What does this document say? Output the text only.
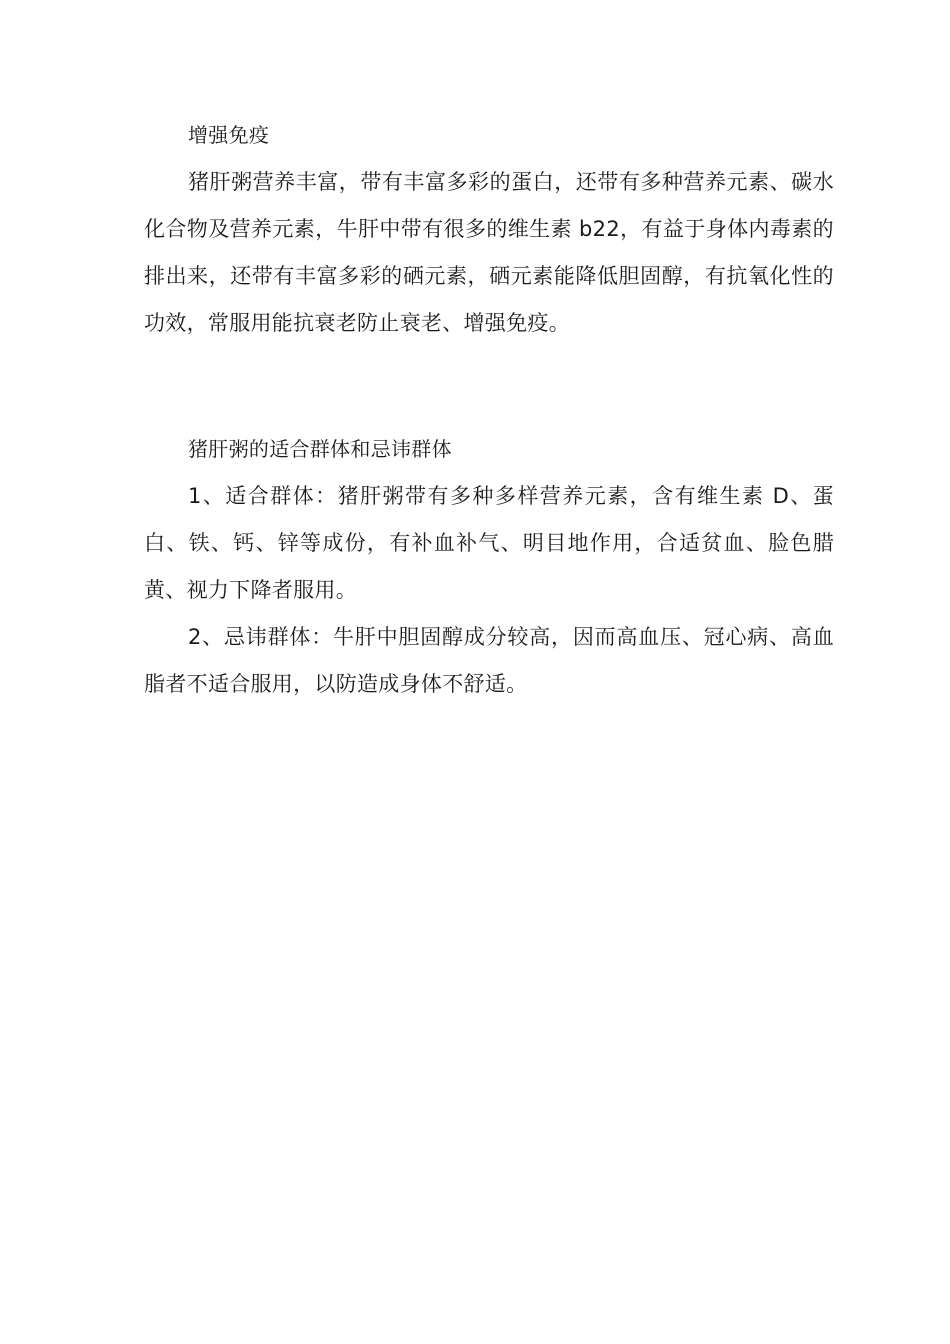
增强免疫

猪肝粥营养丰富，带有丰富多彩的蛋白，还带有多种营养元素、碳水化合物及营养元素，牛肝中带有很多的维生素 b22，有益于身体内毒素的排出来，还带有丰富多彩的硒元素，硒元素能降低胆固醇，有抗氧化性的功效，常服用能抗衰老防止衰老、增强免疫。

猪肝粥的适合群体和忌讳群体

1、适合群体：猪肝粥带有多种多样营养元素，含有维生素 D、蛋白、铁、钙、锌等成份，有补血补气、明目地作用，合适贫血、脸色腊黄、视力下降者服用。

2、忌讳群体：牛肝中胆固醇成分较高，因而高血压、冠心病、高血脂者不适合服用，以防造成身体不舒适。
